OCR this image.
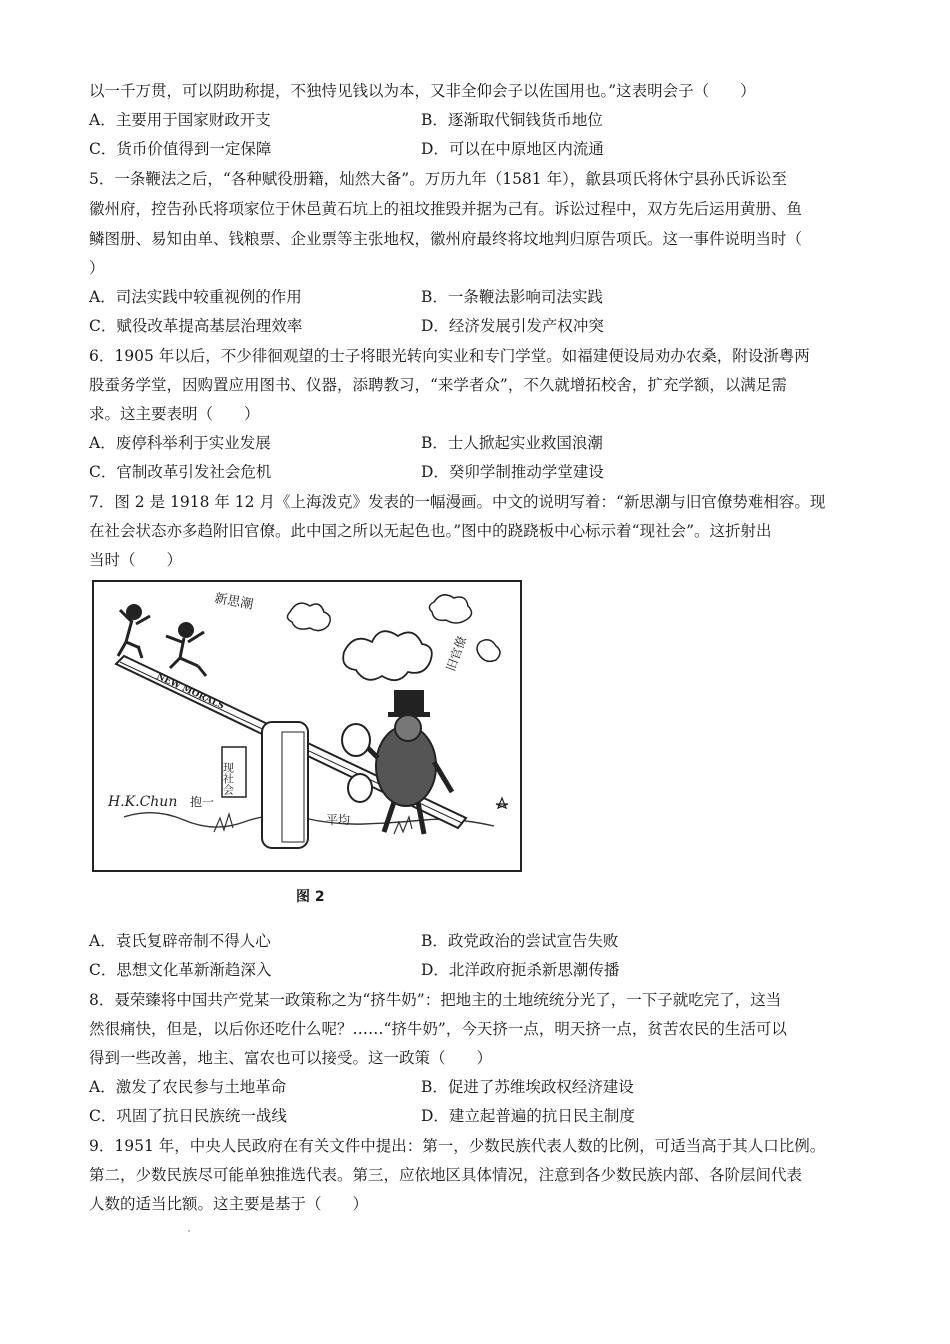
以一千万贯，可以阴助称提，不独恃见钱以为本，又非全仰会子以佐国用也。”这表明会子（　　）
A．主要用于国家财政开支	B．逐渐取代铜钱货币地位
C．货币价值得到一定保障	D．可以在中原地区内流通
5．一条鞭法之后，“各种赋役册籍，灿然大备”。万历九年（1581 年），歙县项氏将休宁县孙氏诉讼至
徽州府，控告孙氏将项家位于休邑黄石坑上的祖坟推毁并据为己有。诉讼过程中，双方先后运用黄册、鱼
鳞图册、易知由单、钱粮票、企业票等主张地权，徽州府最终将坟地判归原告项氏。这一事件说明当时（
）
A．司法实践中较重视例的作用	B．一条鞭法影响司法实践
C．赋役改革提高基层治理效率	D．经济发展引发产权冲突
6．1905 年以后，不少徘徊观望的士子将眼光转向实业和专门学堂。如福建便设局劝办农桑，附设浙粤两
股蚕务学堂，因购置应用图书、仪器，添聘教习，“来学者众”，不久就增拓校舍，扩充学额，以满足需
求。这主要表明（　　）
A．废停科举利于实业发展	B．士人掀起实业救国浪潮
C．官制改革引发社会危机	D．癸卯学制推动学堂建设
7．图 2 是 1918 年 12 月《上海泼克》发表的一幅漫画。中文的说明写着：“新思潮与旧官僚势难相容。现
在社会状态亦多趋附旧官僚。此中国之所以无起色也。”图中的跷跷板中心标示着“现社会”。这折射出
当时（　　）
新思潮
NEW MORALS
现社会
旧官僚
H.K.Chun 抱一
平均
图 2
A．袁氏复辟帝制不得人心	B．政党政治的尝试宣告失败
C．思想文化革新渐趋深入	D．北洋政府扼杀新思潮传播
8．聂荣臻将中国共产党某一政策称之为“挤牛奶”：把地主的土地统统分光了，一下子就吃完了，这当
然很痛快，但是，以后你还吃什么呢？……“挤牛奶”，今天挤一点，明天挤一点，贫苦农民的生活可以
得到一些改善，地主、富农也可以接受。这一政策（　　）
A．激发了农民参与土地革命	B．促进了苏维埃政权经济建设
C．巩固了抗日民族统一战线	D．建立起普遍的抗日民主制度
9．1951 年，中央人民政府在有关文件中提出：第一，少数民族代表人数的比例，可适当高于其人口比例。
第二，少数民族尽可能单独推选代表。第三，应依地区具体情况，注意到各少数民族内部、各阶层间代表
人数的适当比额。这主要是基于（　　）
